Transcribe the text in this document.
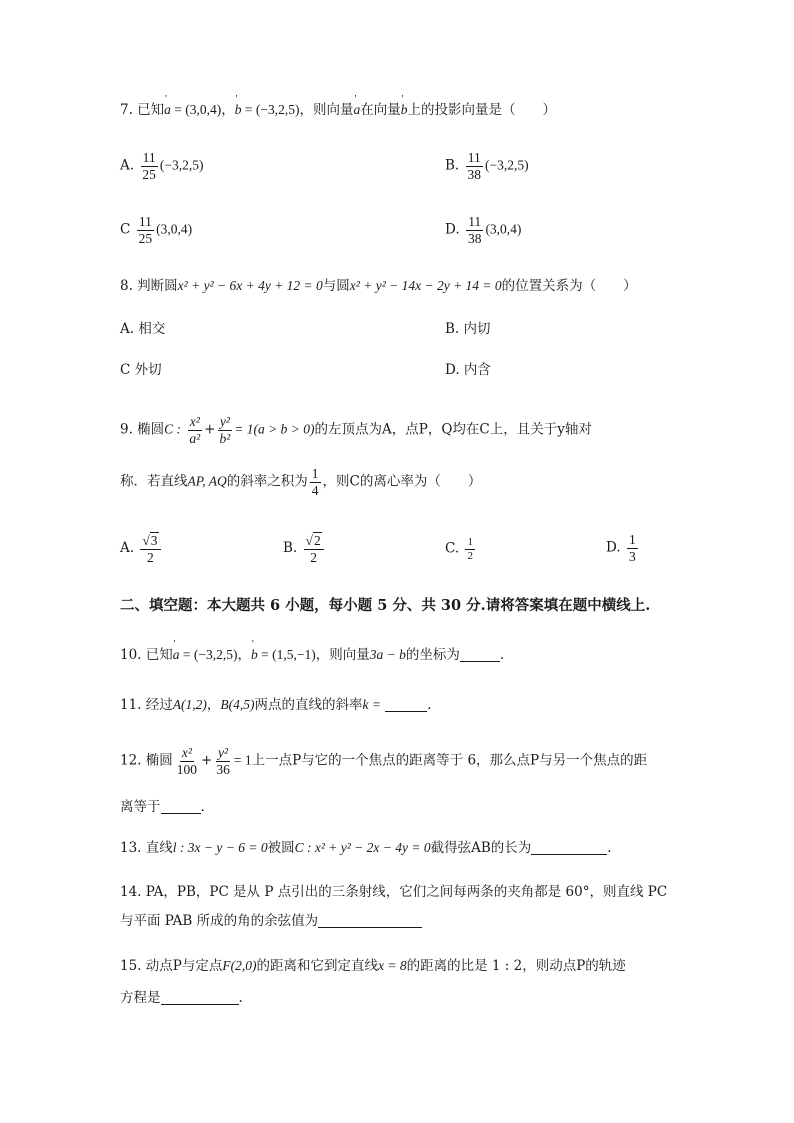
7. 已知' a = (3,0,4)，' b = (−3,2,5)，则向量' a在向量' b上的投影向量是（　　）
A. $\frac{11}{25} (-3,2,5)$	B. $\frac{11}{38} (-3,2,5)$
C $\frac{11}{25} (3,0,4)$	D. $\frac{11}{38} (3,0,4)$
8. 判断圆x² + y² − 6x + 4y + 12 = 0与圆x² + y² − 14x − 2y + 14 = 0的位置关系为（　　）
A. 相交	B. 内切
C 外切	D. 内含
9. 椭圆C : $\frac{\text{x²}}{\text{a²}} + \frac{\text{y²}}{\text{b²}} = 1(a > b > 0)$的左顶点为A，点P，Q均在C上，且关于y轴对
称．若直线AP, AQ的斜率之积为 $\frac{1}{4}$ ，则C的离心率为（　　）
A. $\frac{√3}{2}$	B. $\frac{√2}{2}$	C. $\frac{1}{2}$	D. $\frac{1}{3}$
二、填空题：本大题共 6 小题，每小题 5 分、共 30 分.请将答案填在题中横线上.
10. 已知' a = (−3,2,5)，' b = (1,5,−1)，则向量3a − b的坐标为	.
11. 经过A(1,2)，B(4,5)两点的直线的斜率k =	.
12. 椭圆 $\frac{\text{x²}}{100} + \frac{\text{y²}}{36} = 1$上一点P与它的一个焦点的距离等于 6，那么点P与另一个焦点的距
离等于	.
13. 直线l : 3x − y − 6 = 0被圆C : x² + y² − 2x − 4y = 0截得弦AB的长为	.
14. PA，PB，PC 是从 P 点引出的三条射线，它们之间每两条的夹角都是 60°，则直线 PC
与平面 PAB 所成的角的余弦值为
15. 动点P与定点F(2,0)的距离和它到定直线x = 8的距离的比是 1 : 2，则动点P的轨迹
方程是	.
